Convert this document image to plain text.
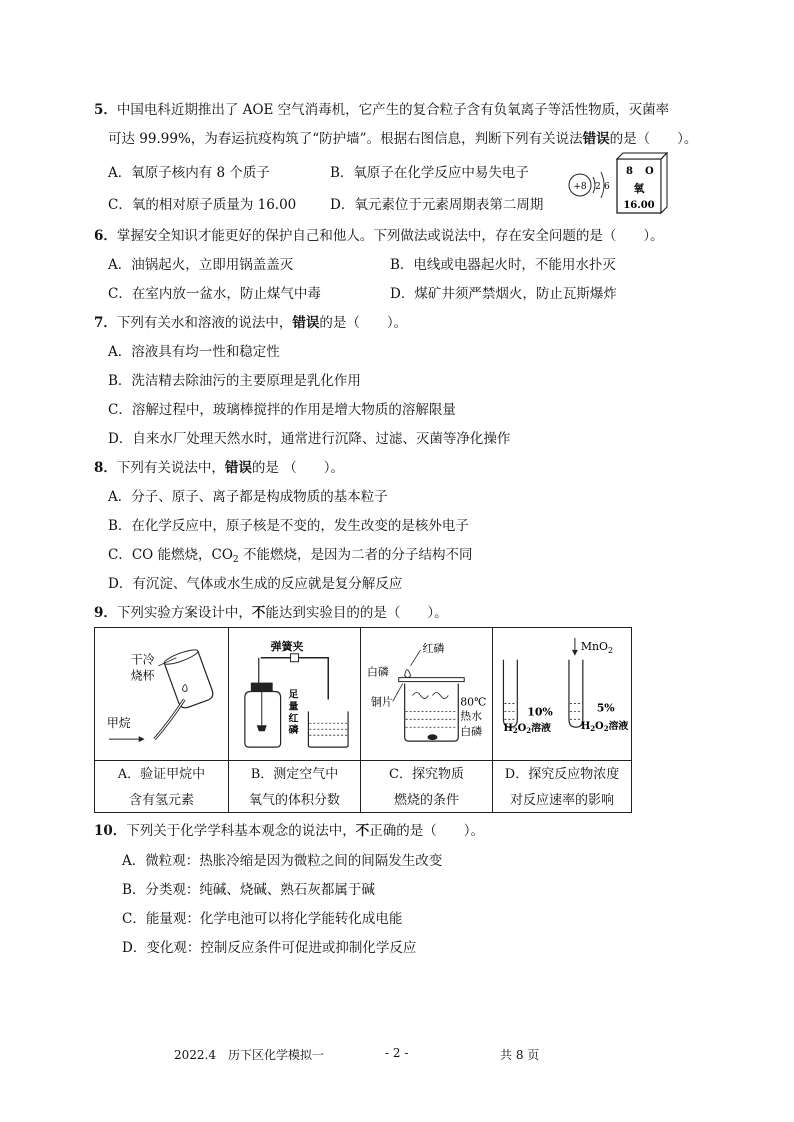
5．中国电科近期推出了 AOE 空气消毒机，它产生的复合粒子含有负氧离子等活性物质，灭菌率
可达 99.99%，为春运抗疫构筑了“防护墙”。根据右图信息，判断下列有关说法错误的是（　　）。
A．氧原子核内有 8 个质子	B．氧原子在化学反应中易失电子
C．氧的相对原子质量为 16.00 D．氧元素位于元素周期表第二周期
+8 2 6
8 O
氧
16.00
6．掌握安全知识才能更好的保护自己和他人。下列做法或说法中，存在安全问题的是（　　）。
A．油锅起火，立即用锅盖盖灭	B．电线或电器起火时，不能用水扑灭
C．在室内放一盆水，防止煤气中毒	D．煤矿井须严禁烟火，防止瓦斯爆炸
7．下列有关水和溶液的说法中，错误的是（　　）。
A．溶液具有均一性和稳定性
B．洗洁精去除油污的主要原理是乳化作用
C．溶解过程中，玻璃棒搅拌的作用是增大物质的溶解限量
D．自来水厂处理天然水时，通常进行沉降、过滤、灭菌等净化操作
8．下列有关说法中，错误的是 （　　）。
A．分子、原子、离子都是构成物质的基本粒子
B．在化学反应中，原子核是不变的，发生改变的是核外电子
C．CO 能燃烧，$CO_2$ 不能燃烧，是因为二者的分子结构不同
D．有沉淀、气体或水生成的反应就是复分解反应
9．下列实验方案设计中，不能达到实验目的的是（　　）。
干冷
烧杯
甲烷
A．验证甲烷中
含有氢元素
弹簧夹
足
量
红
磷
B．测定空气中
氧气的体积分数
红磷
白磷
铜片	80℃
热水
白磷
C．探究物质
燃烧的条件
MnO$_2$
10%
$H_2O_2$溶液
5%
$H_2O_2$溶液
D．探究反应物浓度
对反应速率的影响
10．下列关于化学学科基本观念的说法中，不正确的是（　　）。
A．微粒观：热胀冷缩是因为微粒之间的间隔发生改变
B．分类观：纯碱、烧碱、熟石灰都属于碱
C．能量观：化学电池可以将化学能转化成电能
D．变化观：控制反应条件可促进或抑制化学反应
2022.4　历下区化学模拟一	- 2 -	共 8 页
